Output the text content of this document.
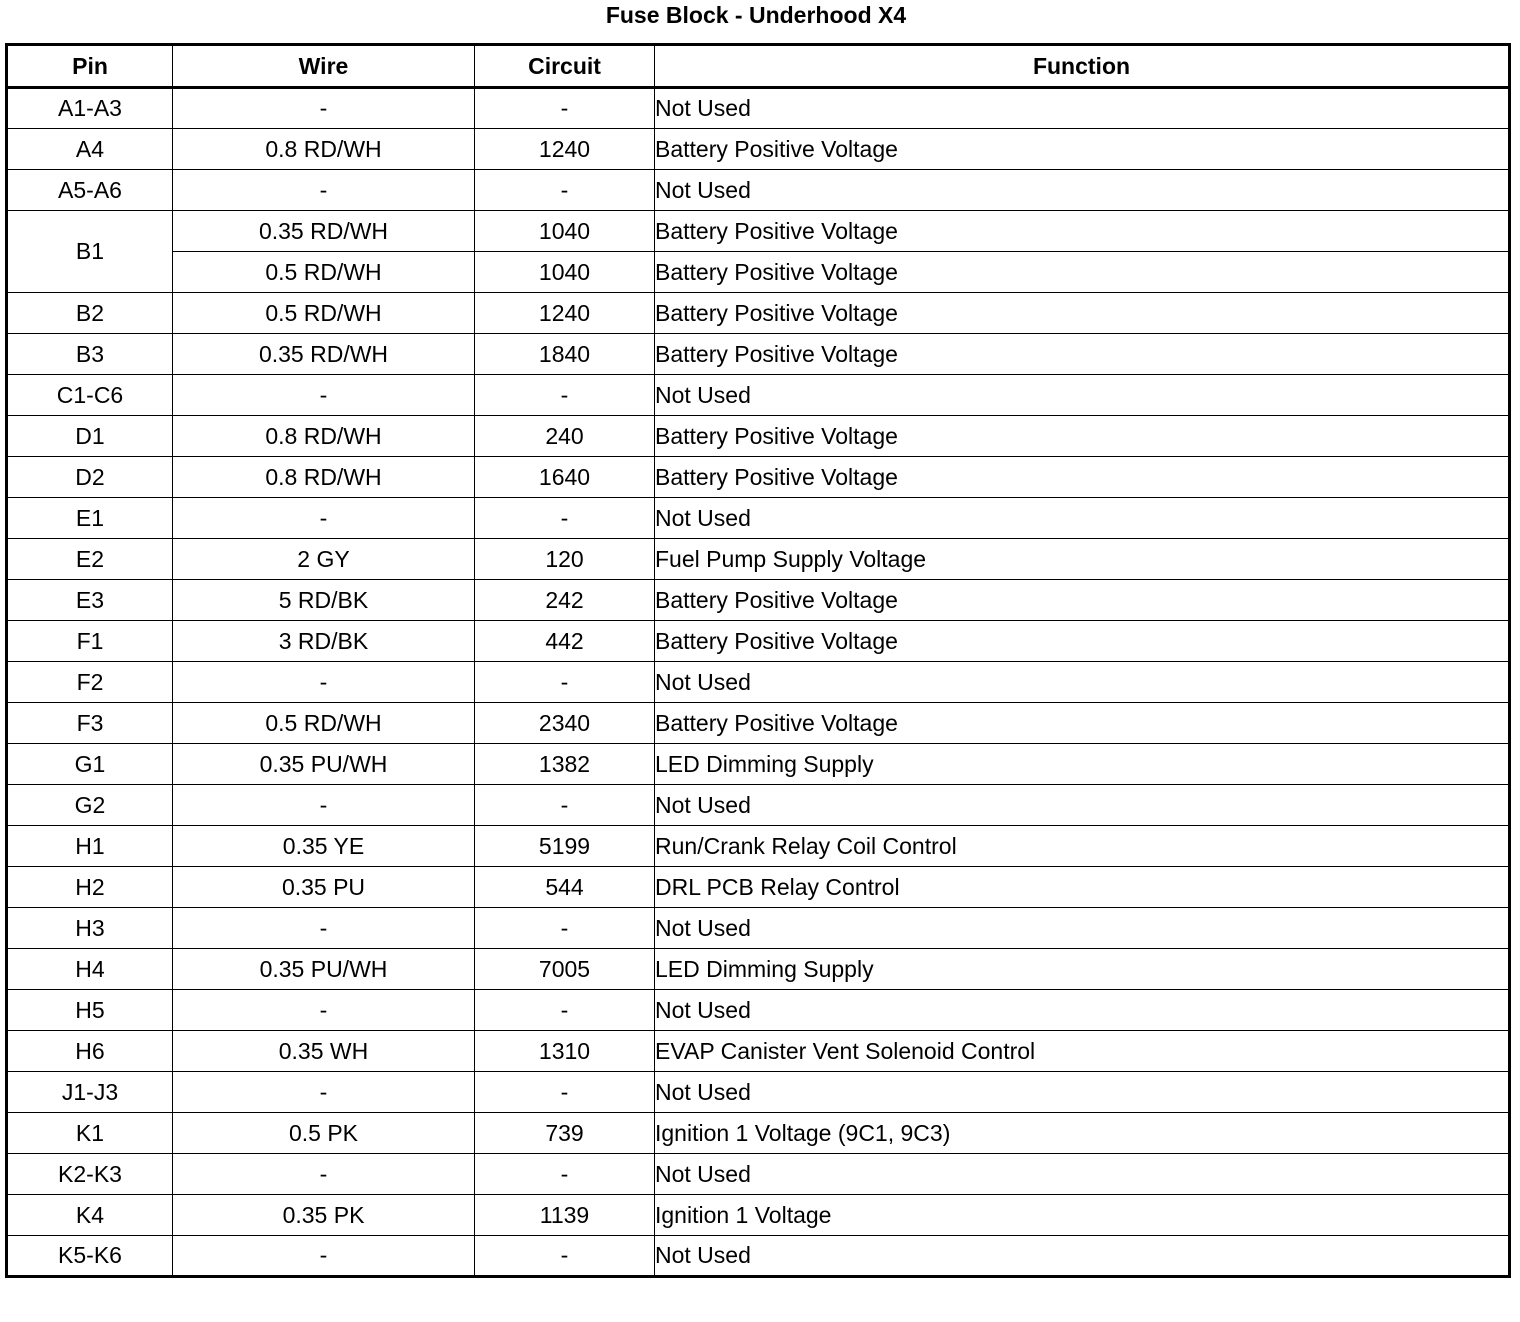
Fuse Block - Underhood X4
Pin	Wire	Circuit	Function
A1-A3	-	-	Not Used
A4	0.8 RD/WH	1240	Battery Positive Voltage
A5-A6	-	-	Not Used
B1	0.35 RD/WH	1040	Battery Positive Voltage
	0.5 RD/WH	1040	Battery Positive Voltage
B2	0.5 RD/WH	1240	Battery Positive Voltage
B3	0.35 RD/WH	1840	Battery Positive Voltage
C1-C6	-	-	Not Used
D1	0.8 RD/WH	240	Battery Positive Voltage
D2	0.8 RD/WH	1640	Battery Positive Voltage
E1	-	-	Not Used
E2	2 GY	120	Fuel Pump Supply Voltage
E3	5 RD/BK	242	Battery Positive Voltage
F1	3 RD/BK	442	Battery Positive Voltage
F2	-	-	Not Used
F3	0.5 RD/WH	2340	Battery Positive Voltage
G1	0.35 PU/WH	1382	LED Dimming Supply
G2	-	-	Not Used
H1	0.35 YE	5199	Run/Crank Relay Coil Control
H2	0.35 PU	544	DRL PCB Relay Control
H3	-	-	Not Used
H4	0.35 PU/WH	7005	LED Dimming Supply
H5	-	-	Not Used
H6	0.35 WH	1310	EVAP Canister Vent Solenoid Control
J1-J3	-	-	Not Used
K1	0.5 PK	739	Ignition 1 Voltage (9C1, 9C3)
K2-K3	-	-	Not Used
K4	0.35 PK	1139	Ignition 1 Voltage
K5-K6	-	-	Not Used
